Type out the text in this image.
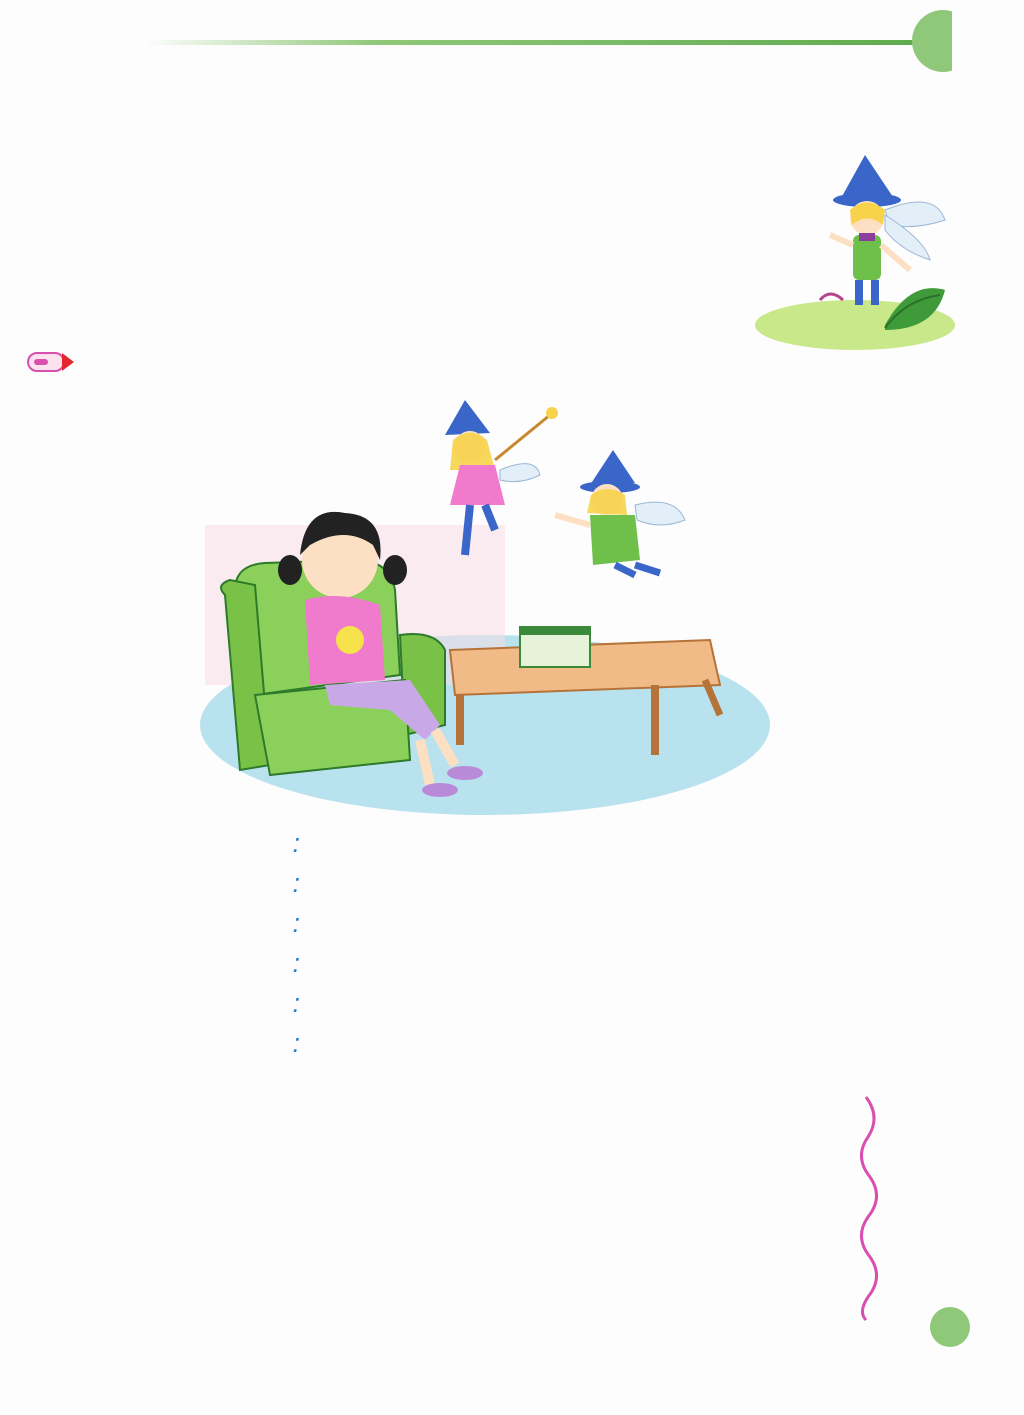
:
:
:
:
:
:
